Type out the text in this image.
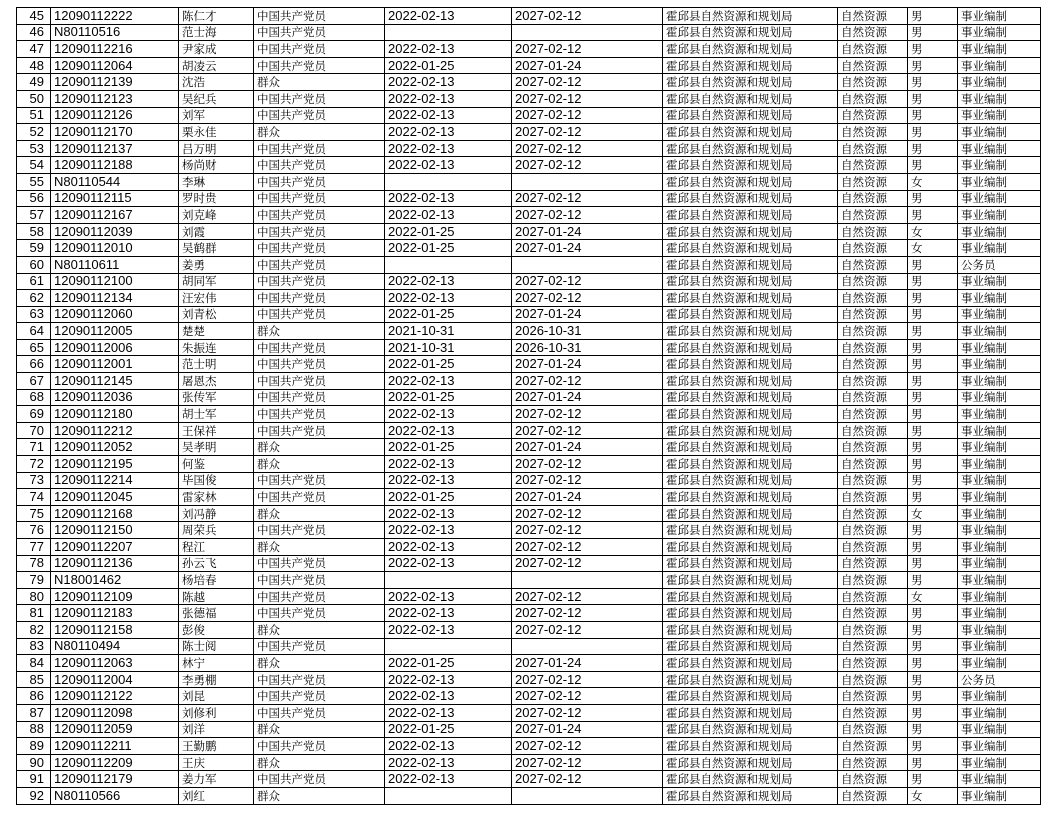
45	12090112222	陈仁才	中国共产党员	2022-02-13	2027-02-12	霍邱县自然资源和规划局	自然资源	男	事业编制
46	N80110516	范士海	中国共产党员			霍邱县自然资源和规划局	自然资源	男	事业编制
47	12090112216	尹家成	中国共产党员	2022-02-13	2027-02-12	霍邱县自然资源和规划局	自然资源	男	事业编制
48	12090112064	胡凌云	中国共产党员	2022-01-25	2027-01-24	霍邱县自然资源和规划局	自然资源	男	事业编制
49	12090112139	沈浩	群众	2022-02-13	2027-02-12	霍邱县自然资源和规划局	自然资源	男	事业编制
50	12090112123	吴纪兵	中国共产党员	2022-02-13	2027-02-12	霍邱县自然资源和规划局	自然资源	男	事业编制
51	12090112126	刘军	中国共产党员	2022-02-13	2027-02-12	霍邱县自然资源和规划局	自然资源	男	事业编制
52	12090112170	栗永佳	群众	2022-02-13	2027-02-12	霍邱县自然资源和规划局	自然资源	男	事业编制
53	12090112137	吕万明	中国共产党员	2022-02-13	2027-02-12	霍邱县自然资源和规划局	自然资源	男	事业编制
54	12090112188	杨尚财	中国共产党员	2022-02-13	2027-02-12	霍邱县自然资源和规划局	自然资源	男	事业编制
55	N80110544	李琳	中国共产党员			霍邱县自然资源和规划局	自然资源	女	事业编制
56	12090112115	罗时贵	中国共产党员	2022-02-13	2027-02-12	霍邱县自然资源和规划局	自然资源	男	事业编制
57	12090112167	刘克峰	中国共产党员	2022-02-13	2027-02-12	霍邱县自然资源和规划局	自然资源	男	事业编制
58	12090112039	刘霞	中国共产党员	2022-01-25	2027-01-24	霍邱县自然资源和规划局	自然资源	女	事业编制
59	12090112010	吴鹤群	中国共产党员	2022-01-25	2027-01-24	霍邱县自然资源和规划局	自然资源	女	事业编制
60	N80110611	姜勇	中国共产党员			霍邱县自然资源和规划局	自然资源	男	公务员
61	12090112100	胡同军	中国共产党员	2022-02-13	2027-02-12	霍邱县自然资源和规划局	自然资源	男	事业编制
62	12090112134	汪宏伟	中国共产党员	2022-02-13	2027-02-12	霍邱县自然资源和规划局	自然资源	男	事业编制
63	12090112060	刘青松	中国共产党员	2022-01-25	2027-01-24	霍邱县自然资源和规划局	自然资源	男	事业编制
64	12090112005	楚楚	群众	2021-10-31	2026-10-31	霍邱县自然资源和规划局	自然资源	男	事业编制
65	12090112006	朱振连	中国共产党员	2021-10-31	2026-10-31	霍邱县自然资源和规划局	自然资源	男	事业编制
66	12090112001	范士明	中国共产党员	2022-01-25	2027-01-24	霍邱县自然资源和规划局	自然资源	男	事业编制
67	12090112145	屠恩杰	中国共产党员	2022-02-13	2027-02-12	霍邱县自然资源和规划局	自然资源	男	事业编制
68	12090112036	张传军	中国共产党员	2022-01-25	2027-01-24	霍邱县自然资源和规划局	自然资源	男	事业编制
69	12090112180	胡士军	中国共产党员	2022-02-13	2027-02-12	霍邱县自然资源和规划局	自然资源	男	事业编制
70	12090112212	王保祥	中国共产党员	2022-02-13	2027-02-12	霍邱县自然资源和规划局	自然资源	男	事业编制
71	12090112052	吴孝明	群众	2022-01-25	2027-01-24	霍邱县自然资源和规划局	自然资源	男	事业编制
72	12090112195	何鉴	群众	2022-02-13	2027-02-12	霍邱县自然资源和规划局	自然资源	男	事业编制
73	12090112214	毕国俊	中国共产党员	2022-02-13	2027-02-12	霍邱县自然资源和规划局	自然资源	男	事业编制
74	12090112045	雷家林	中国共产党员	2022-01-25	2027-01-24	霍邱县自然资源和规划局	自然资源	男	事业编制
75	12090112168	刘冯静	群众	2022-02-13	2027-02-12	霍邱县自然资源和规划局	自然资源	女	事业编制
76	12090112150	周荣兵	中国共产党员	2022-02-13	2027-02-12	霍邱县自然资源和规划局	自然资源	男	事业编制
77	12090112207	程江	群众	2022-02-13	2027-02-12	霍邱县自然资源和规划局	自然资源	男	事业编制
78	12090112136	孙云飞	中国共产党员	2022-02-13	2027-02-12	霍邱县自然资源和规划局	自然资源	男	事业编制
79	N18001462	杨培春	中国共产党员			霍邱县自然资源和规划局	自然资源	男	事业编制
80	12090112109	陈越	中国共产党员	2022-02-13	2027-02-12	霍邱县自然资源和规划局	自然资源	女	事业编制
81	12090112183	张德福	中国共产党员	2022-02-13	2027-02-12	霍邱县自然资源和规划局	自然资源	男	事业编制
82	12090112158	彭俊	群众	2022-02-13	2027-02-12	霍邱县自然资源和规划局	自然资源	男	事业编制
83	N80110494	陈士阅	中国共产党员			霍邱县自然资源和规划局	自然资源	男	事业编制
84	12090112063	林宁	群众	2022-01-25	2027-01-24	霍邱县自然资源和规划局	自然资源	男	事业编制
85	12090112004	李勇棚	中国共产党员	2022-02-13	2027-02-12	霍邱县自然资源和规划局	自然资源	男	公务员
86	12090112122	刘昆	中国共产党员	2022-02-13	2027-02-12	霍邱县自然资源和规划局	自然资源	男	事业编制
87	12090112098	刘修利	中国共产党员	2022-02-13	2027-02-12	霍邱县自然资源和规划局	自然资源	男	事业编制
88	12090112059	刘洋	群众	2022-01-25	2027-01-24	霍邱县自然资源和规划局	自然资源	男	事业编制
89	12090112211	王勤鹏	中国共产党员	2022-02-13	2027-02-12	霍邱县自然资源和规划局	自然资源	男	事业编制
90	12090112209	王庆	群众	2022-02-13	2027-02-12	霍邱县自然资源和规划局	自然资源	男	事业编制
91	12090112179	姜力军	中国共产党员	2022-02-13	2027-02-12	霍邱县自然资源和规划局	自然资源	男	事业编制
92	N80110566	刘红	群众			霍邱县自然资源和规划局	自然资源	女	事业编制
